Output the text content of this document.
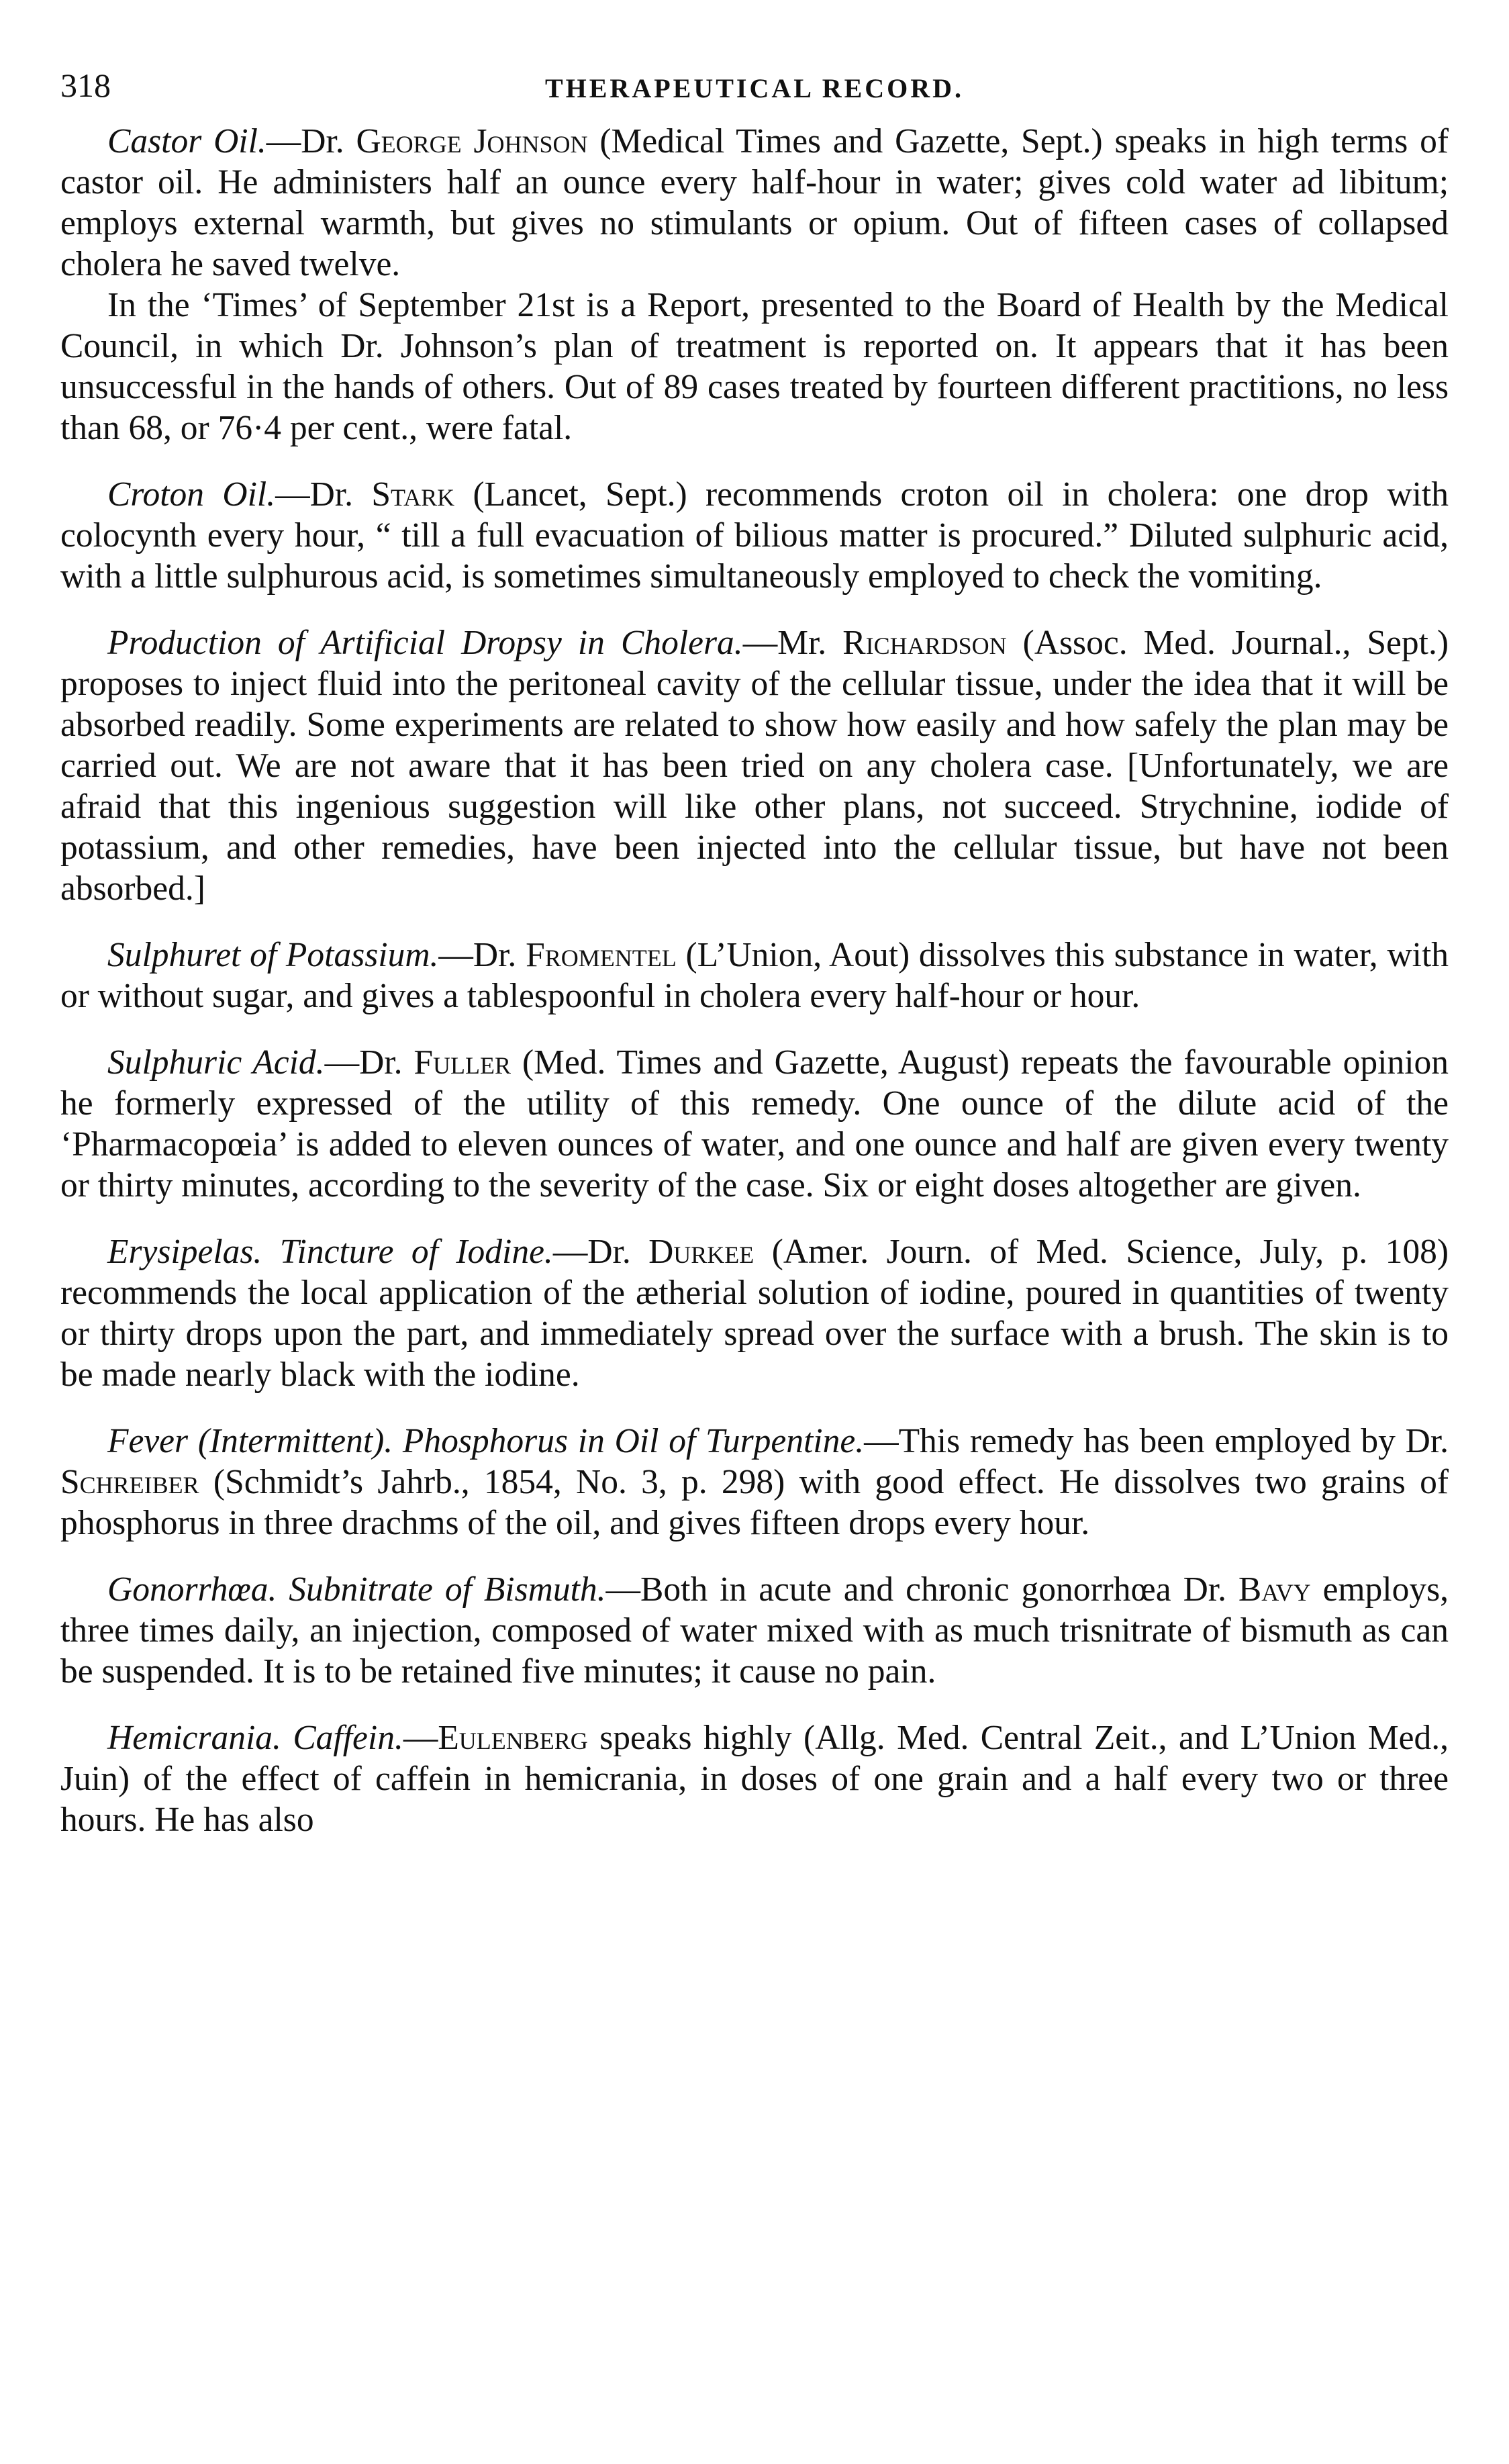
318	THERAPEUTICAL RECORD.

Castor Oil.—Dr. George Johnson (Medical Times and Gazette, Sept.) speaks in high terms of castor oil. He administers half an ounce every half-hour in water; gives cold water ad libitum; employs external warmth, but gives no stimulants or opium. Out of fifteen cases of collapsed cholera he saved twelve.

In the ‘Times’ of September 21st is a Report, presented to the Board of Health by the Medical Council, in which Dr. Johnson’s plan of treatment is reported on. It appears that it has been unsuccessful in the hands of others. Out of 89 cases treated by fourteen different practitions, no less than 68, or 76·4 per cent., were fatal.

Croton Oil.—Dr. Stark (Lancet, Sept.) recommends croton oil in cholera: one drop with colocynth every hour, “ till a full evacuation of bilious matter is procured.” Diluted sulphuric acid, with a little sulphurous acid, is sometimes simultaneously employed to check the vomiting.

Production of Artificial Dropsy in Cholera.—Mr. Richardson (Assoc. Med. Journal., Sept.) proposes to inject fluid into the peritoneal cavity of the cellular tissue, under the idea that it will be absorbed readily. Some experiments are related to show how easily and how safely the plan may be carried out. We are not aware that it has been tried on any cholera case. [Unfortunately, we are afraid that this ingenious suggestion will like other plans, not succeed. Strychnine, iodide of potassium, and other remedies, have been injected into the cellular tissue, but have not been absorbed.]

Sulphuret of Potassium.—Dr. Fromentel (L’Union, Aout) dissolves this substance in water, with or without sugar, and gives a tablespoonful in cholera every half-hour or hour.

Sulphuric Acid.—Dr. Fuller (Med. Times and Gazette, August) repeats the favourable opinion he formerly expressed of the utility of this remedy. One ounce of the dilute acid of the ‘Pharmacopœia’ is added to eleven ounces of water, and one ounce and half are given every twenty or thirty minutes, according to the severity of the case. Six or eight doses altogether are given.

Erysipelas. Tincture of Iodine.—Dr. Durkee (Amer. Journ. of Med. Science, July, p. 108) recommends the local application of the ætherial solution of iodine, poured in quantities of twenty or thirty drops upon the part, and immediately spread over the surface with a brush. The skin is to be made nearly black with the iodine.

Fever (Intermittent). Phosphorus in Oil of Turpentine.—This remedy has been employed by Dr. Schreiber (Schmidt’s Jahrb., 1854, No. 3, p. 298) with good effect. He dissolves two grains of phosphorus in three drachms of the oil, and gives fifteen drops every hour.

Gonorrhœa. Subnitrate of Bismuth.—Both in acute and chronic gonorrhœa Dr. Bavy employs, three times daily, an injection, composed of water mixed with as much trisnitrate of bismuth as can be suspended. It is to be retained five minutes; it cause no pain.

Hemicrania. Caffein.—Eulenberg speaks highly (Allg. Med. Central Zeit., and L’Union Med., Juin) of the effect of caffein in hemicrania, in doses of one grain and a half every two or three hours. He has also
